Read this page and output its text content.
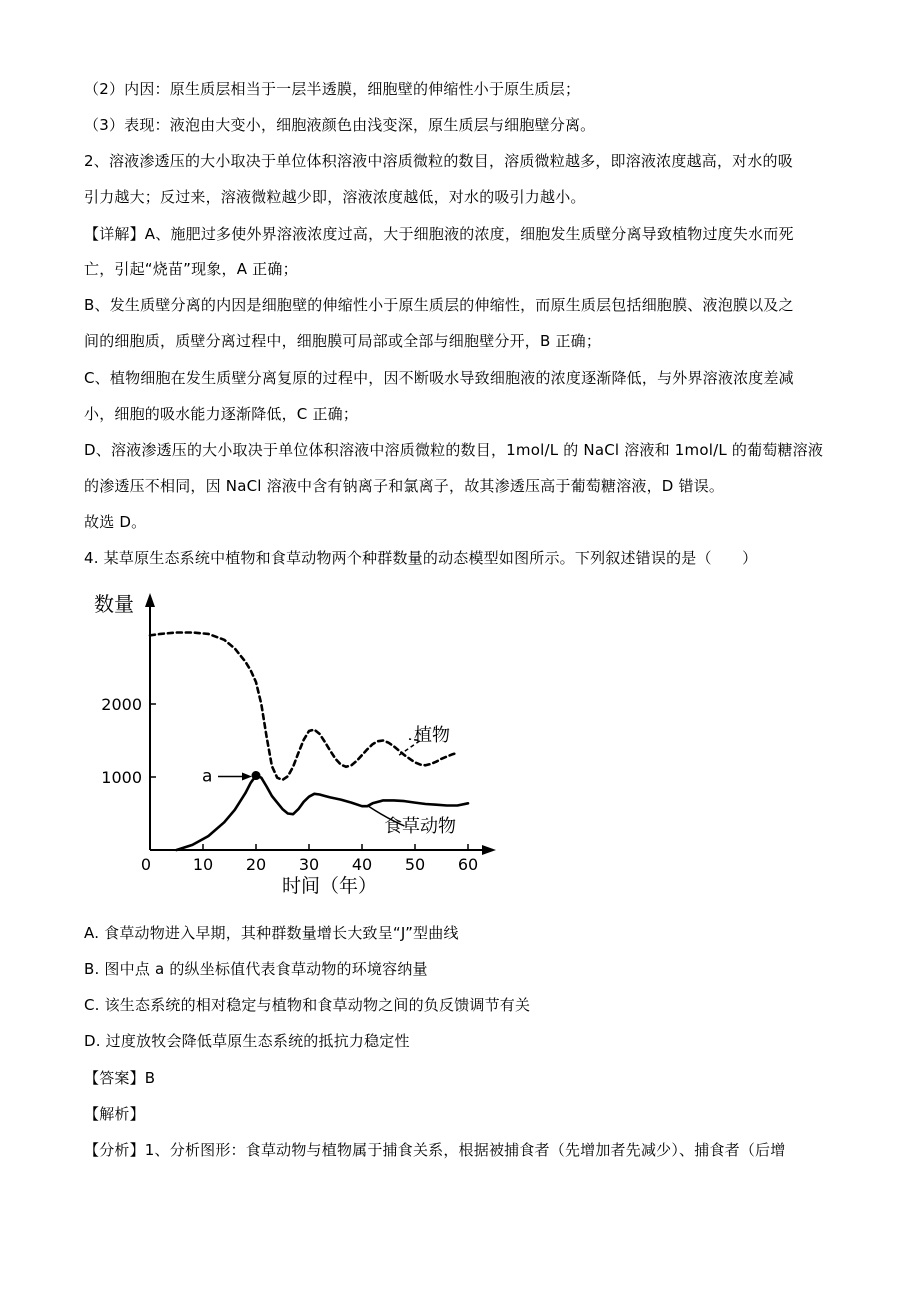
（2）内因：原生质层相当于一层半透膜，细胞壁的伸缩性小于原生质层；
（3）表现：液泡由大变小，细胞液颜色由浅变深，原生质层与细胞壁分离。
2、溶液渗透压的大小取决于单位体积溶液中溶质微粒的数目，溶质微粒越多，即溶液浓度越高，对水的吸
引力越大；反过来，溶液微粒越少即，溶液浓度越低，对水的吸引力越小。
【详解】A、施肥过多使外界溶液浓度过高，大于细胞液的浓度，细胞发生质壁分离导致植物过度失水而死
亡，引起“烧苗”现象，A 正确；
B、发生质壁分离的内因是细胞壁的伸缩性小于原生质层的伸缩性，而原生质层包括细胞膜、液泡膜以及之
间的细胞质，质壁分离过程中，细胞膜可局部或全部与细胞壁分开，B 正确；
C、植物细胞在发生质壁分离复原的过程中，因不断吸水导致细胞液的浓度逐渐降低，与外界溶液浓度差减
小，细胞的吸水能力逐渐降低，C 正确；
D、溶液渗透压的大小取决于单位体积溶液中溶质微粒的数目，1mol/L 的 NaCl 溶液和 1mol/L 的葡萄糖溶液
的渗透压不相同，因 NaCl 溶液中含有钠离子和氯离子，故其渗透压高于葡萄糖溶液，D 错误。
故选 D。
4. 某草原生态系统中植物和食草动物两个种群数量的动态模型如图所示。下列叙述错误的是（　　）
0	10 20 30 40 50 60
1000
2000
a
植物
食草动物
数量
时间（年）
A. 食草动物进入早期，其种群数量增长大致呈“J”型曲线
B. 图中点 a 的纵坐标值代表食草动物的环境容纳量
C. 该生态系统的相对稳定与植物和食草动物之间的负反馈调节有关
D. 过度放牧会降低草原生态系统的抵抗力稳定性
【答案】B
【解析】
【分析】1、分析图形：食草动物与植物属于捕食关系，根据被捕食者（先增加者先减少）、捕食者（后增
